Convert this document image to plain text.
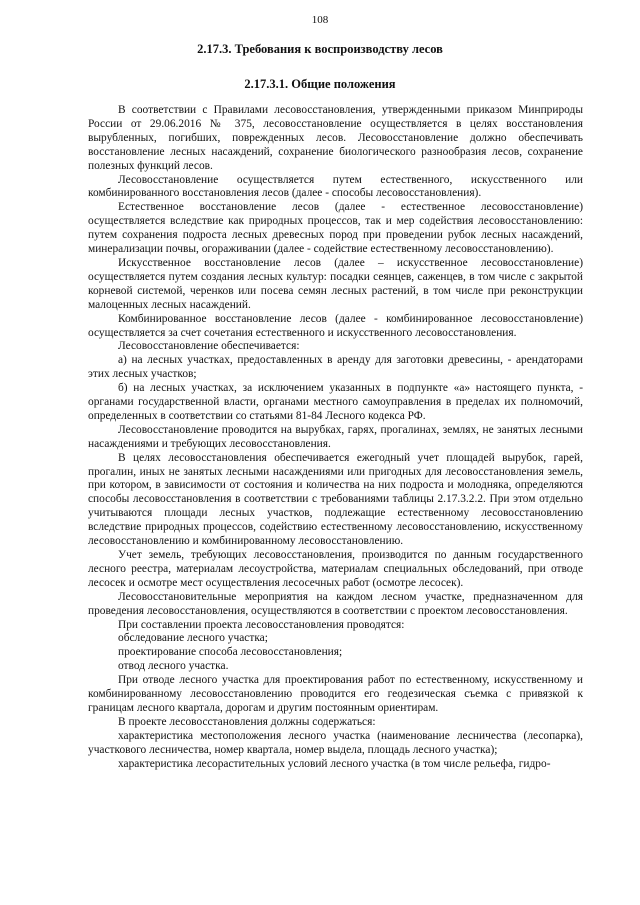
108
2.17.3. Требования к воспроизводству лесов
2.17.3.1. Общие положения

В соответствии с Правилами лесовосстановления, утвержденными приказом Минприроды России от 29.06.2016 № 375, лесовосстановление осуществляется в целях восстановления вырубленных, погибших, поврежденных лесов. Лесовосстановление должно обеспечивать восстановление лесных насаждений, сохранение биологического разнообразия лесов, сохранение полезных функций лесов.

Лесовосстановление осуществляется путем естественного, искусственного или комбинированного восстановления лесов (далее - способы лесовосстановления).

Естественное восстановление лесов (далее - естественное лесовосстановление) осуществляется вследствие как природных процессов, так и мер содействия лесовосстановлению: путем сохранения подроста лесных древесных пород при проведении рубок лесных насаждений, минерализации почвы, огораживании (далее - содействие естественному лесовосстановлению).

Искусственное восстановление лесов (далее – искусственное лесовосстановление) осуществляется путем создания лесных культур: посадки сеянцев, саженцев, в том числе с закрытой корневой системой, черенков или посева семян лесных растений, в том числе при реконструкции малоценных лесных насаждений.

Комбинированное восстановление лесов (далее - комбинированное лесовосстановление) осуществляется за счет сочетания естественного и искусственного лесовосстановления.

Лесовосстановление обеспечивается:

а) на лесных участках, предоставленных в аренду для заготовки древесины, - арендаторами этих лесных участков;

б) на лесных участках, за исключением указанных в подпункте «а» настоящего пункта, - органами государственной власти, органами местного самоуправления в пределах их полномочий, определенных в соответствии со статьями 81-84 Лесного кодекса РФ.

Лесовосстановление проводится на вырубках, гарях, прогалинах, землях, не занятых лесными насаждениями и требующих лесовосстановления.

В целях лесовосстановления обеспечивается ежегодный учет площадей вырубок, гарей, прогалин, иных не занятых лесными насаждениями или пригодных для лесовосстановления земель, при котором, в зависимости от состояния и количества на них подроста и молодняка, определяются способы лесовосстановления в соответствии с требованиями таблицы 2.17.3.2.2. При этом отдельно учитываются площади лесных участков, подлежащие естественному лесовосстановлению вследствие природных процессов, содействию естественному лесовосстановлению, искусственному лесовосстановлению и комбинированному лесовосстановлению.

Учет земель, требующих лесовосстановления, производится по данным государственного лесного реестра, материалам лесоустройства, материалам специальных обследований, при отводе лесосек и осмотре мест осуществления лесосечных работ (осмотре лесосек).

Лесовосстановительные мероприятия на каждом лесном участке, предназначенном для проведения лесовосстановления, осуществляются в соответствии с проектом лесовосстановления.

При составлении проекта лесовосстановления проводятся:

обследование лесного участка;

проектирование способа лесовосстановления;

отвод лесного участка.

При отводе лесного участка для проектирования работ по естественному, искусственному и комбинированному лесовосстановлению проводится его геодезическая съемка с привязкой к границам лесного квартала, дорогам и другим постоянным ориентирам.

В проекте лесовосстановления должны содержаться:

характеристика местоположения лесного участка (наименование лесничества (лесопарка), участкового лесничества, номер квартала, номер выдела, площадь лесного участка);

характеристика лесорастительных условий лесного участка (в том числе рельефа, гидро-
